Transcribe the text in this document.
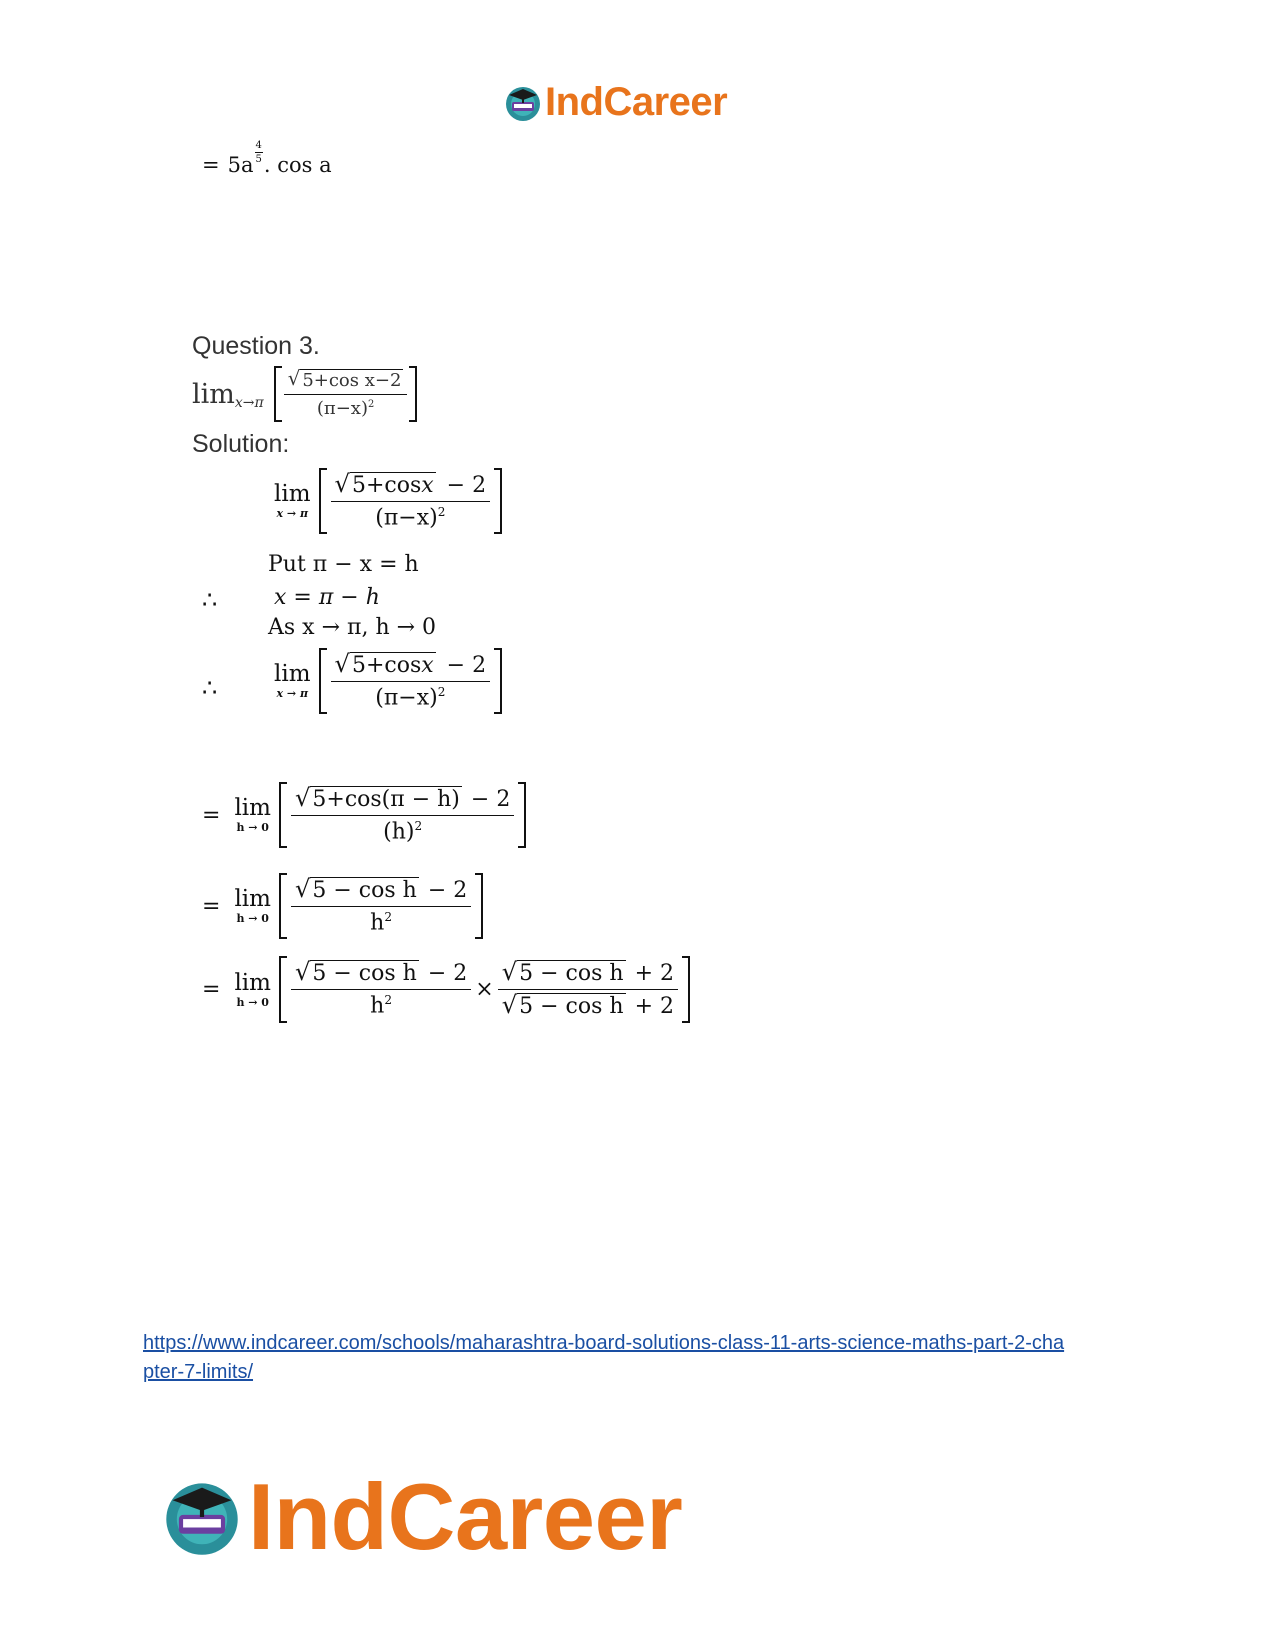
IndCareer
= $5a \frac{4}{5}$ . cos a
Question 3.
$\lim x\to\pi \frac{\text{√ 5+cos x−2}}{(\pi-x)^2}$
Solution:
lim
x → π $\frac{√ 5+\cos x - 2}{(\pi-x)^2}$
Put π − x = h
∴	x = π − h
As x → π, h → 0
∴ lim
x → π $\frac{√ 5+\cos x - 2}{(\pi-x)^2}$
= lim
$h \to 0 \frac{√ 5+\cos(\pi - h) - 2}{(h)^2}$
= lim
$h \to 0 \frac{\text{√ 5 − cos h − 2}}{h^2}$
= lim
$h \to 0 \frac{\text{√ 5 − cos h − 2}}{h^2} \times \frac{\text{√ 5 − cos h + 2}}{\text{√ 5 − cos h + 2}}$
https://www.indcareer.com/schools/maharashtra-board-solutions-class-11-arts-science-maths-part-2-chapter-7-limits/
IndCareer
